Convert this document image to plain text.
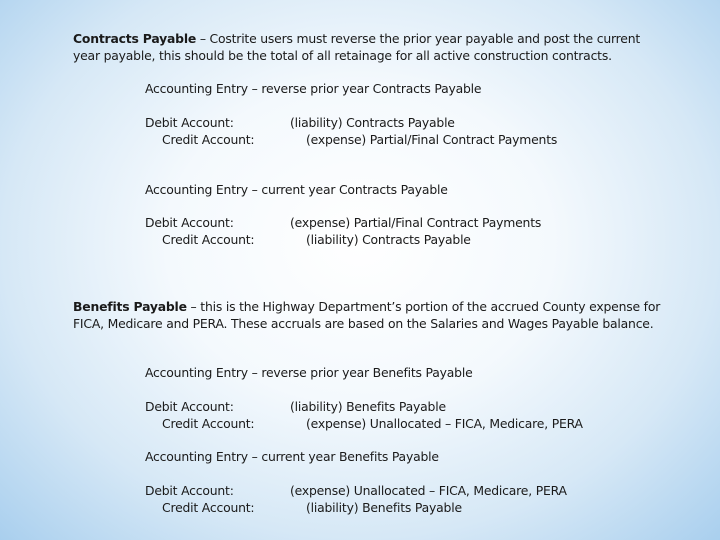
Contracts Payable – Costrite users must reverse the prior year payable and post the current year payable, this should be the total of all retainage for all active construction contracts.
Accounting Entry – reverse prior year Contracts Payable
Debit Account:	(liability) Contracts Payable
Credit Account:	(expense) Partial/Final Contract Payments
Accounting Entry – current year Contracts Payable
Debit Account:	(expense) Partial/Final Contract Payments
Credit Account:	(liability) Contracts Payable
Benefits Payable – this is the Highway Department’s portion of the accrued County expense for FICA, Medicare and PERA. These accruals are based on the Salaries and Wages Payable balance.
Accounting Entry – reverse prior year Benefits Payable
Debit Account:	(liability) Benefits Payable
Credit Account:	(expense) Unallocated – FICA, Medicare, PERA
Accounting Entry – current year Benefits Payable
Debit Account:	(expense) Unallocated – FICA, Medicare, PERA
Credit Account:	(liability) Benefits Payable
